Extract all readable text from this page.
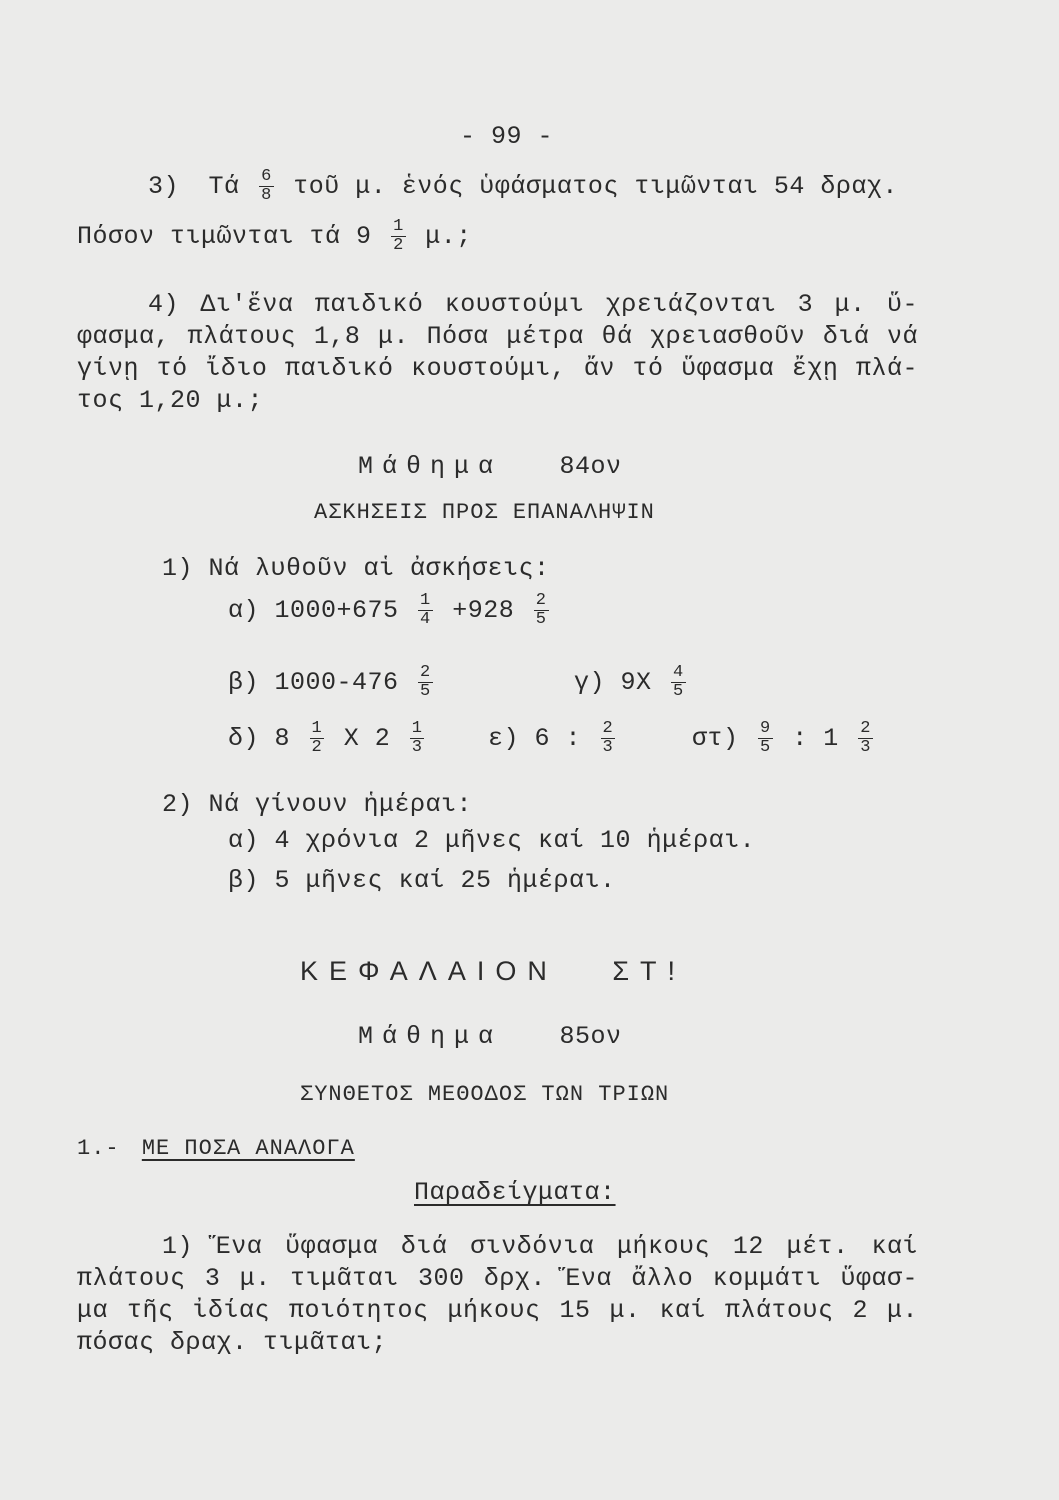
- 99 -
3) Τά $\frac{6}{8}$ τοῦ μ. ἑνός ὑφάσματος τιμῶνται 54 δραχ.
Πόσον τιμῶνται τά $9 \frac{1}{2} \mu$.;
4) Δι'ἕνα παιδικό κουστούμι χρειάζονται 3 μ. ὕ-
φασμα, πλάτους 1,8 μ. Πόσα μέτρα θά χρειασθοῦν διά νά
γίνῃ τό ἴδιο παιδικό κουστούμι, ἄν τό ὕφασμα ἔχῃ πλά-
τος 1,20 μ.;
Μάθημα 84ον
ΑΣΚΗΣΕΙΣ ΠΡΟΣ ΕΠΑΝΑΛΗΨΙΝ
1) Νά λυθοῦν αἱ ἀσκήσεις:
α) $1000+675 \frac{1}{4} +928 \frac{2}{5}$
β) $1000-476 \frac{2}{5}$	γ) $9X \frac{4}{5}$
δ) $8 \frac{1}{2}$ Χ $2 \frac{1}{3}$	ε) 6 : $\frac{2}{3}$	$\sigma\tau) \frac{9}{5}$ : $1 \frac{2}{3}$
2) Νά γίνουν ἡμέραι:
α) 4 χρόνια 2 μῆνες καί 10 ἡμέραι.
β) 5 μῆνες καί 25 ἡμέραι.
ΚΕΦΑΛΑΙΟΝ ΣΤ!
Μάθημα 85ον
ΣΥΝΘΕΤΟΣ ΜΕΘΟΔΟΣ ΤΩΝ ΤΡΙΩΝ
1.- ΜΕ ΠΟΣΑ ΑΝΑΛΟΓΑ
Παραδείγματα:
1) Ἕνα ὕφασμα διά σινδόνια μήκους 12 μέτ. καί
πλάτους 3 μ. τιμᾶται 300 δρχ. Ἕνα ἄλλο κομμάτι ὕφασ-
μα τῆς ἰδίας ποιότητος μήκους 15 μ. καί πλάτους 2 μ.
πόσας δραχ. τιμᾶται;
